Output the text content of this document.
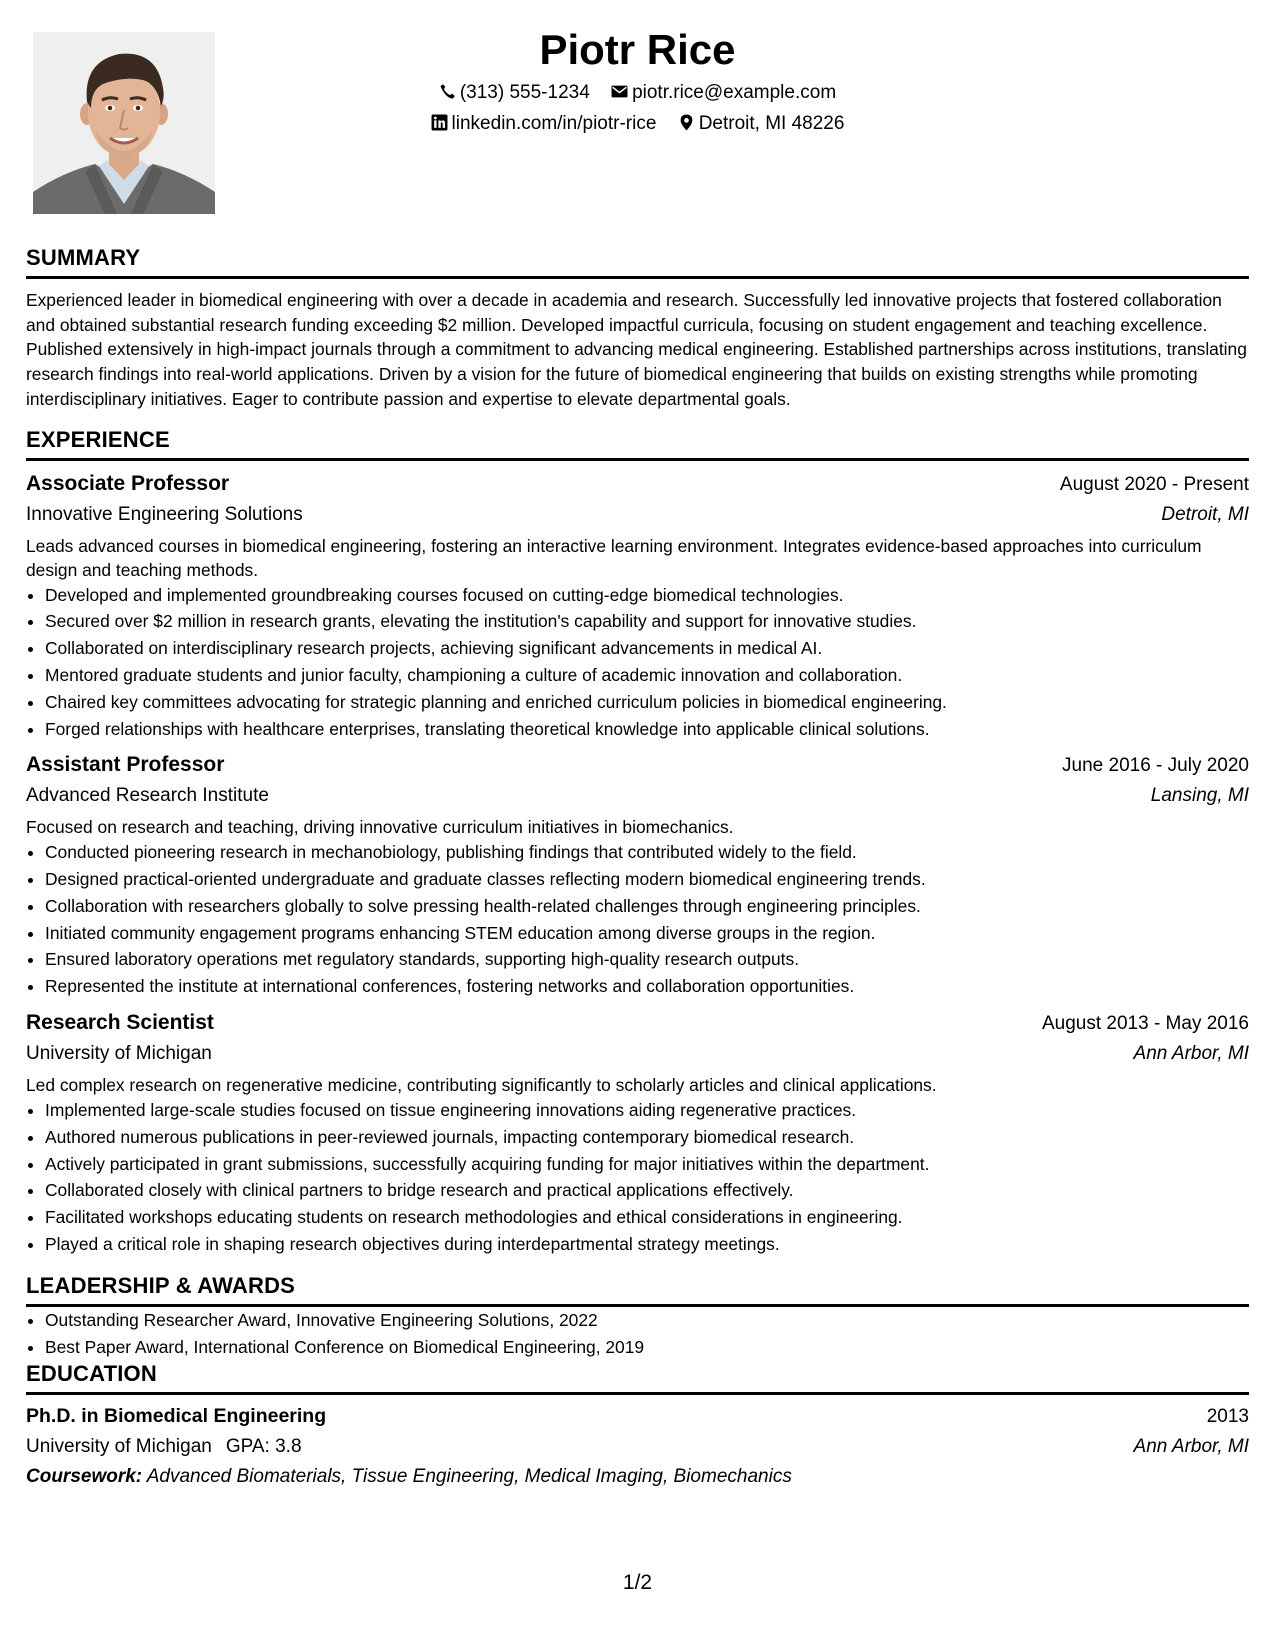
Piotr Rice
(313) 555-1234 piotr.rice@example.com
linkedin.com/in/piotr-rice Detroit, MI 48226
SUMMARY
Experienced leader in biomedical engineering with over a decade in academia and research. Successfully led innovative projects that fostered collaboration and obtained substantial research funding exceeding $2 million. Developed impactful curricula, focusing on student engagement and teaching excellence. Published extensively in high-impact journals through a commitment to advancing medical engineering. Established partnerships across institutions, translating research findings into real-world applications. Driven by a vision for the future of biomedical engineering that builds on existing strengths while promoting interdisciplinary initiatives. Eager to contribute passion and expertise to elevate departmental goals.
EXPERIENCE
Associate Professor	August 2020 - Present
Innovative Engineering Solutions	Detroit, MI
Leads advanced courses in biomedical engineering, fostering an interactive learning environment. Integrates evidence-based approaches into curriculum design and teaching methods.
• Developed and implemented groundbreaking courses focused on cutting-edge biomedical technologies.
• Secured over $2 million in research grants, elevating the institution's capability and support for innovative studies.
• Collaborated on interdisciplinary research projects, achieving significant advancements in medical AI.
• Mentored graduate students and junior faculty, championing a culture of academic innovation and collaboration.
• Chaired key committees advocating for strategic planning and enriched curriculum policies in biomedical engineering.
• Forged relationships with healthcare enterprises, translating theoretical knowledge into applicable clinical solutions.
Assistant Professor	June 2016 - July 2020
Advanced Research Institute	Lansing, MI
Focused on research and teaching, driving innovative curriculum initiatives in biomechanics.
• Conducted pioneering research in mechanobiology, publishing findings that contributed widely to the field.
• Designed practical-oriented undergraduate and graduate classes reflecting modern biomedical engineering trends.
• Collaboration with researchers globally to solve pressing health-related challenges through engineering principles.
• Initiated community engagement programs enhancing STEM education among diverse groups in the region.
• Ensured laboratory operations met regulatory standards, supporting high-quality research outputs.
• Represented the institute at international conferences, fostering networks and collaboration opportunities.
Research Scientist	August 2013 - May 2016
University of Michigan	Ann Arbor, MI
Led complex research on regenerative medicine, contributing significantly to scholarly articles and clinical applications.
• Implemented large-scale studies focused on tissue engineering innovations aiding regenerative practices.
• Authored numerous publications in peer-reviewed journals, impacting contemporary biomedical research.
• Actively participated in grant submissions, successfully acquiring funding for major initiatives within the department.
• Collaborated closely with clinical partners to bridge research and practical applications effectively.
• Facilitated workshops educating students on research methodologies and ethical considerations in engineering.
• Played a critical role in shaping research objectives during interdepartmental strategy meetings.
LEADERSHIP & AWARDS
• Outstanding Researcher Award, Innovative Engineering Solutions, 2022
• Best Paper Award, International Conference on Biomedical Engineering, 2019
EDUCATION
Ph.D. in Biomedical Engineering	2013
University of Michigan GPA: 3.8	Ann Arbor, MI
Coursework: Advanced Biomaterials, Tissue Engineering, Medical Imaging, Biomechanics
1/2
